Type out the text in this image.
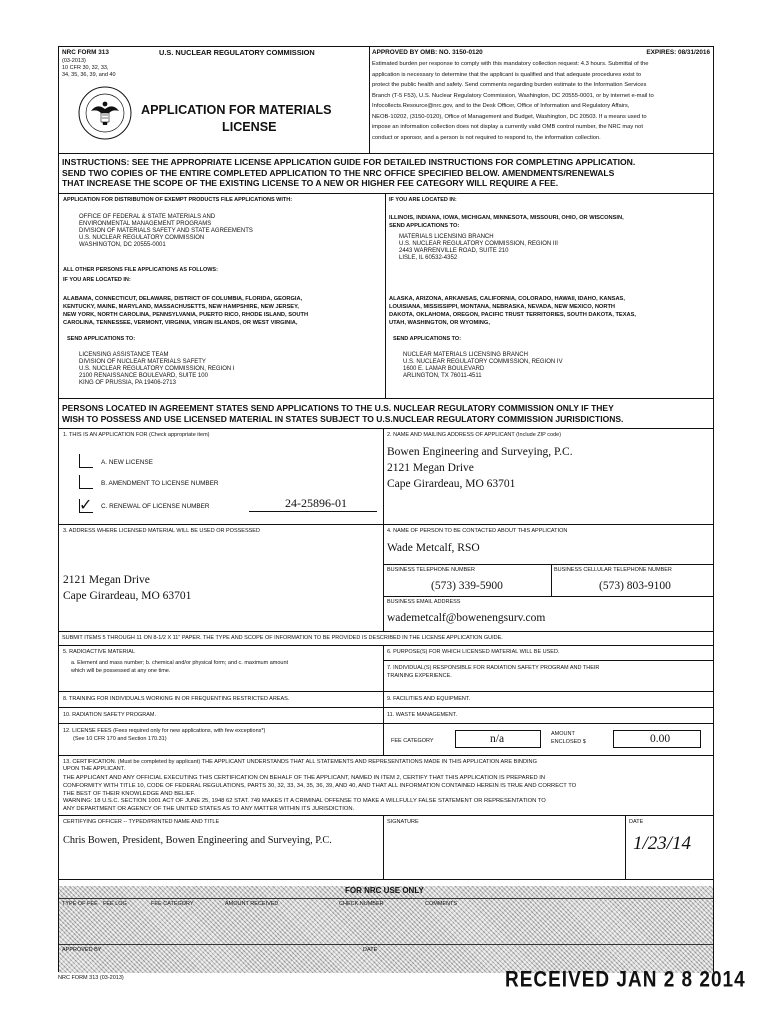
NRC FORM 313
(03-2013)
10 CFR 30, 32, 33,
34, 35, 36, 39, and 40
U.S. NUCLEAR REGULATORY COMMISSION
APPLICATION FOR MATERIALS
LICENSE
APPROVED BY OMB: NO. 3150-0120	EXPIRES: 08/31/2016
Estimated burden per response to comply with this mandatory collection request: 4.3 hours. Submittal of the
application is necessary to determine that the applicant is qualified and that adequate procedures exist to
protect the public health and safety. Send comments regarding burden estimate to the Information Services
Branch (T-5 F53), U.S. Nuclear Regulatory Commission, Washington, DC 20555-0001, or by internet e-mail to
Infocollects.Resource@nrc.gov, and to the Desk Officer, Office of Information and Regulatory Affairs,
NEOB-10202, (3150-0120), Office of Management and Budget, Washington, DC 20503. If a means used to
impose an information collection does not display a currently valid OMB control number, the NRC may not
conduct or sponsor, and a person is not required to respond to, the information collection.
INSTRUCTIONS: SEE THE APPROPRIATE LICENSE APPLICATION GUIDE FOR DETAILED INSTRUCTIONS FOR COMPLETING APPLICATION.
SEND TWO COPIES OF THE ENTIRE COMPLETED APPLICATION TO THE NRC OFFICE SPECIFIED BELOW. AMENDMENTS/RENEWALS
THAT INCREASE THE SCOPE OF THE EXISTING LICENSE TO A NEW OR HIGHER FEE CATEGORY WILL REQUIRE A FEE.
APPLICATION FOR DISTRIBUTION OF EXEMPT PRODUCTS FILE APPLICATIONS WITH:
OFFICE OF FEDERAL & STATE MATERIALS AND
ENVIRONMENTAL MANAGEMENT PROGRAMS
DIVISION OF MATERIALS SAFETY AND STATE AGREEMENTS
U.S. NUCLEAR REGULATORY COMMISSION
WASHINGTON, DC 20555-0001
ALL OTHER PERSONS FILE APPLICATIONS AS FOLLOWS:
IF YOU ARE LOCATED IN:
ALABAMA, CONNECTICUT, DELAWARE, DISTRICT OF COLUMBIA, FLORIDA, GEORGIA,
KENTUCKY, MAINE, MARYLAND, MASSACHUSETTS, NEW HAMPSHIRE, NEW JERSEY,
NEW YORK, NORTH CAROLINA, PENNSYLVANIA, PUERTO RICO, RHODE ISLAND, SOUTH
CAROLINA, TENNESSEE, VERMONT, VIRGINIA, VIRGIN ISLANDS, OR WEST VIRGINIA,
SEND APPLICATIONS TO:
LICENSING ASSISTANCE TEAM
DIVISION OF NUCLEAR MATERIALS SAFETY
U.S. NUCLEAR REGULATORY COMMISSION, REGION I
2100 RENAISSANCE BOULEVARD, SUITE 100
KING OF PRUSSIA, PA 19406-2713
IF YOU ARE LOCATED IN:
ILLINOIS, INDIANA, IOWA, MICHIGAN, MINNESOTA, MISSOURI, OHIO, OR WISCONSIN,
SEND APPLICATIONS TO:
MATERIALS LICENSING BRANCH
U.S. NUCLEAR REGULATORY COMMISSION, REGION III
2443 WARRENVILLE ROAD, SUITE 210
LISLE, IL 60532-4352
ALASKA, ARIZONA, ARKANSAS, CALIFORNIA, COLORADO, HAWAII, IDAHO, KANSAS,
LOUISIANA, MISSISSIPPI, MONTANA, NEBRASKA, NEVADA, NEW MEXICO, NORTH
DAKOTA, OKLAHOMA, OREGON, PACIFIC TRUST TERRITORIES, SOUTH DAKOTA, TEXAS,
UTAH, WASHINGTON, OR WYOMING,
SEND APPLICATIONS TO:
NUCLEAR MATERIALS LICENSING BRANCH
U.S. NUCLEAR REGULATORY COMMISSION, REGION IV
1600 E. LAMAR BOULEVARD
ARLINGTON, TX 76011-4511
PERSONS LOCATED IN AGREEMENT STATES SEND APPLICATIONS TO THE U.S. NUCLEAR REGULATORY COMMISSION ONLY IF THEY
WISH TO POSSESS AND USE LICENSED MATERIAL IN STATES SUBJECT TO U.S.NUCLEAR REGULATORY COMMISSION JURISDICTIONS.
1. THIS IS AN APPLICATION FOR (Check appropriate item)
A. NEW LICENSE
B. AMENDMENT TO LICENSE NUMBER
✓ C. RENEWAL OF LICENSE NUMBER	24-25896-01
2. NAME AND MAILING ADDRESS OF APPLICANT (Include ZIP code)
Bowen Engineering and Surveying, P.C.
2121 Megan Drive
Cape Girardeau, MO 63701
3. ADDRESS WHERE LICENSED MATERIAL WILL BE USED OR POSSESSED
2121 Megan Drive
Cape Girardeau, MO 63701
4. NAME OF PERSON TO BE CONTACTED ABOUT THIS APPLICATION
Wade Metcalf, RSO
BUSINESS TELEPHONE NUMBER
(573) 339-5900
BUSINESS CELLULAR TELEPHONE NUMBER
(573) 803-9100
BUSINESS EMAIL ADDRESS
wademetcalf@bowenengsurv.com
SUBMIT ITEMS 5 THROUGH 11 ON 8-1/2 X 11" PAPER. THE TYPE AND SCOPE OF INFORMATION TO BE PROVIDED IS DESCRIBED IN THE LICENSE APPLICATION GUIDE.
5. RADIOACTIVE MATERIAL
a. Element and mass number; b. chemical and/or physical form; and c. maximum amount
which will be possessed at any one time.
6. PURPOSE(S) FOR WHICH LICENSED MATERIAL WILL BE USED.
7. INDIVIDUAL(S) RESPONSIBLE FOR RADIATION SAFETY PROGRAM AND THEIR
TRAINING EXPERIENCE.
8. TRAINING FOR INDIVIDUALS WORKING IN OR FREQUENTING RESTRICTED AREAS.	9. FACILITIES AND EQUIPMENT.
10. RADIATION SAFETY PROGRAM.	11. WASTE MANAGEMENT.
12. LICENSE FEES (Fees required only for new applications, with few exceptions*)
(See 10 CFR 170 and Section 170.31)	FEE CATEGORY	n/a	AMOUNT
ENCLOSED $	0.00
13. CERTIFICATION. (Must be completed by applicant) THE APPLICANT UNDERSTANDS THAT ALL STATEMENTS AND REPRESENTATIONS MADE IN THIS APPLICATION ARE BINDING
UPON THE APPLICANT.
THE APPLICANT AND ANY OFFICIAL EXECUTING THIS CERTIFICATION ON BEHALF OF THE APPLICANT, NAMED IN ITEM 2, CERTIFY THAT THIS APPLICATION IS PREPARED IN
CONFORMITY WITH TITLE 10, CODE OF FEDERAL REGULATIONS, PARTS 30, 32, 33, 34, 35, 36, 39, AND 40, AND THAT ALL INFORMATION CONTAINED HEREIN IS TRUE AND CORRECT TO
THE BEST OF THEIR KNOWLEDGE AND BELIEF.
WARNING: 18 U.S.C. SECTION 1001 ACT OF JUNE 25, 1948 62 STAT. 749 MAKES IT A CRIMINAL OFFENSE TO MAKE A WILLFULLY FALSE STATEMENT OR REPRESENTATION TO
ANY DEPARTMENT OR AGENCY OF THE UNITED STATES AS TO ANY MATTER WITHIN ITS JURISDICTION.
CERTIFYING OFFICER -- TYPED/PRINTED NAME AND TITLE
Chris Bowen, President, Bowen Engineering and Surveying, P.C.
SIGNATURE	DATE
1/23/14
FOR NRC USE ONLY
TYPE OF FEE FEE LOG	FEE CATEGORY	AMOUNT RECEIVED	CHECK NUMBER	COMMENTS
APPROVED BY	DATE
NRC FORM 313 (03-2013)	RECEIVED JAN 2 8 2014
